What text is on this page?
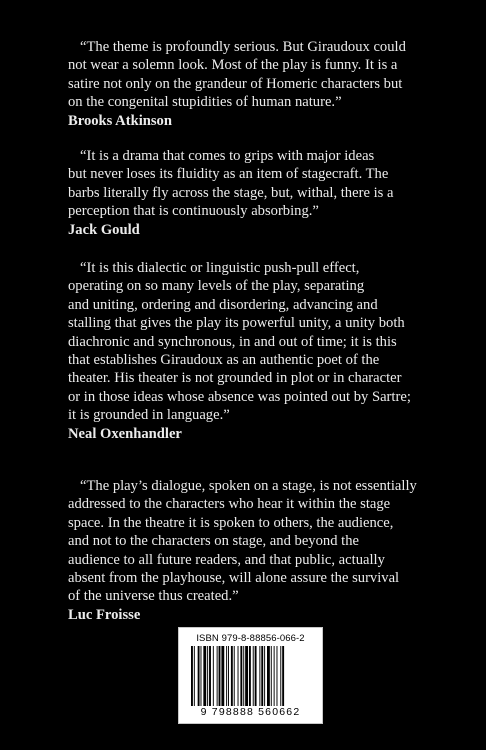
“The theme is profoundly serious. But Giraudoux could
not wear a solemn look. Most of the play is funny. It is a
satire not only on the grandeur of Homeric characters but
on the congenital stupidities of human nature.”

Brooks Atkinson

“It is a drama that comes to grips with major ideas
but never loses its fluidity as an item of stagecraft. The
barbs literally fly across the stage, but, withal, there is a
perception that is continuously absorbing.”

Jack Gould

“It is this dialectic or linguistic push-pull effect,
operating on so many levels of the play, separating
and uniting, ordering and disordering, advancing and
stalling that gives the play its powerful unity, a unity both
diachronic and synchronous, in and out of time; it is this
that establishes Giraudoux as an authentic poet of the
theater. His theater is not grounded in plot or in character
or in those ideas whose absence was pointed out by Sartre;
it is grounded in language.”

Neal Oxenhandler

“The play’s dialogue, spoken on a stage, is not essentially
addressed to the characters who hear it within the stage
space. In the theatre it is spoken to others, the audience,
and not to the characters on stage, and beyond the
audience to all future readers, and that public, actually
absent from the playhouse, will alone assure the survival
of the universe thus created.”

Luc Froisse
ISBN 979-8-88856-066-2
9 798888 560662
